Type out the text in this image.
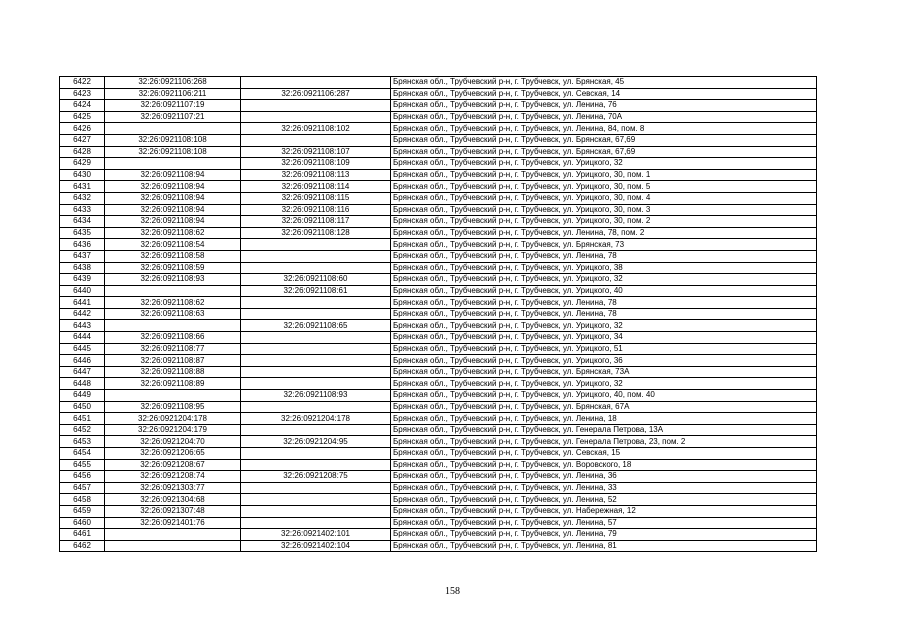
6422	32:26:0921106:268		Брянская обл., Трубчевский р-н, г. Трубчевск, ул. Брянская, 45
6423	32:26:0921106:211	32:26:0921106:287	Брянская обл., Трубчевский р-н, г. Трубчевск, ул. Севская, 14
6424	32:26:0921107:19		Брянская обл., Трубчевский р-н, г. Трубчевск, ул. Ленина, 76
6425	32:26:0921107:21		Брянская обл., Трубчевский р-н, г. Трубчевск, ул. Ленина, 70А
6426		32:26:0921108:102	Брянская обл., Трубчевский р-н, г. Трубчевск, ул. Ленина, 84, пом. 8
6427	32:26:0921108:108		Брянская обл., Трубчевский р-н, г. Трубчевск, ул. Брянская, 67,69
6428	32:26:0921108:108	32:26:0921108:107	Брянская обл., Трубчевский р-н, г. Трубчевск, ул. Брянская, 67,69
6429		32:26:0921108:109	Брянская обл., Трубчевский р-н, г. Трубчевск, ул. Урицкого, 32
6430	32:26:0921108:94	32:26:0921108:113	Брянская обл., Трубчевский р-н, г. Трубчевск, ул. Урицкого, 30, пом. 1
6431	32:26:0921108:94	32:26:0921108:114	Брянская обл., Трубчевский р-н, г. Трубчевск, ул. Урицкого, 30, пом. 5
6432	32:26:0921108:94	32:26:0921108:115	Брянская обл., Трубчевский р-н, г. Трубчевск, ул. Урицкого, 30, пом. 4
6433	32:26:0921108:94	32:26:0921108:116	Брянская обл., Трубчевский р-н, г. Трубчевск, ул. Урицкого, 30, пом. 3
6434	32:26:0921108:94	32:26:0921108:117	Брянская обл., Трубчевский р-н, г. Трубчевск, ул. Урицкого, 30, пом. 2
6435	32:26:0921108:62	32:26:0921108:128	Брянская обл., Трубчевский р-н, г. Трубчевск, ул. Ленина, 78, пом. 2
6436	32:26:0921108:54		Брянская обл., Трубчевский р-н, г. Трубчевск, ул. Брянская, 73
6437	32:26:0921108:58		Брянская обл., Трубчевский р-н, г. Трубчевск, ул. Ленина, 78
6438	32:26:0921108:59		Брянская обл., Трубчевский р-н, г. Трубчевск, ул. Урицкого, 38
6439	32:26:0921108:93	32:26:0921108:60	Брянская обл., Трубчевский р-н, г. Трубчевск, ул. Урицкого, 32
6440		32:26:0921108:61	Брянская обл., Трубчевский р-н, г. Трубчевск, ул. Урицкого, 40
6441	32:26:0921108:62		Брянская обл., Трубчевский р-н, г. Трубчевск, ул. Ленина, 78
6442	32:26:0921108:63		Брянская обл., Трубчевский р-н, г. Трубчевск, ул. Ленина, 78
6443		32:26:0921108:65	Брянская обл., Трубчевский р-н, г. Трубчевск, ул. Урицкого, 32
6444	32:26:0921108:66		Брянская обл., Трубчевский р-н, г. Трубчевск, ул. Урицкого, 34
6445	32:26:0921108:77		Брянская обл., Трубчевский р-н, г. Трубчевск, ул. Урицкого, 51
6446	32:26:0921108:87		Брянская обл., Трубчевский р-н, г. Трубчевск, ул. Урицкого, 36
6447	32:26:0921108:88		Брянская обл., Трубчевский р-н, г. Трубчевск, ул. Брянская, 73А
6448	32:26:0921108:89		Брянская обл., Трубчевский р-н, г. Трубчевск, ул. Урицкого, 32
6449		32:26:0921108:93	Брянская обл., Трубчевский р-н, г. Трубчевск, ул. Урицкого, 40, пом. 40
6450	32:26:0921108:95		Брянская обл., Трубчевский р-н, г. Трубчевск, ул. Брянская, 67А
6451	32:26:0921204:178	32:26:0921204:178	Брянская обл., Трубчевский р-н, г. Трубчевск, ул. Ленина, 18
6452	32:26:0921204:179		Брянская обл., Трубчевский р-н, г. Трубчевск, ул. Генерала Петрова, 13А
6453	32:26:0921204:70	32:26:0921204:95	Брянская обл., Трубчевский р-н, г. Трубчевск, ул. Генерала Петрова, 23, пом. 2
6454	32:26:0921206:65		Брянская обл., Трубчевский р-н, г. Трубчевск, ул. Севская, 15
6455	32:26:0921208:67		Брянская обл., Трубчевский р-н, г. Трубчевск, ул. Воровского, 18
6456	32:26:0921208:74	32:26:0921208:75	Брянская обл., Трубчевский р-н, г. Трубчевск, ул. Ленина, 36
6457	32:26:0921303:77		Брянская обл., Трубчевский р-н, г. Трубчевск, ул. Ленина, 33
6458	32:26:0921304:68		Брянская обл., Трубчевский р-н, г. Трубчевск, ул. Ленина, 52
6459	32:26:0921307:48		Брянская обл., Трубчевский р-н, г. Трубчевск, ул. Набережная, 12
6460	32:26:0921401:76		Брянская обл., Трубчевский р-н, г. Трубчевск, ул. Ленина, 57
6461		32:26:0921402:101	Брянская обл., Трубчевский р-н, г. Трубчевск, ул. Ленина, 79
6462		32:26:0921402:104	Брянская обл., Трубчевский р-н, г. Трубчевск, ул. Ленина, 81
158
